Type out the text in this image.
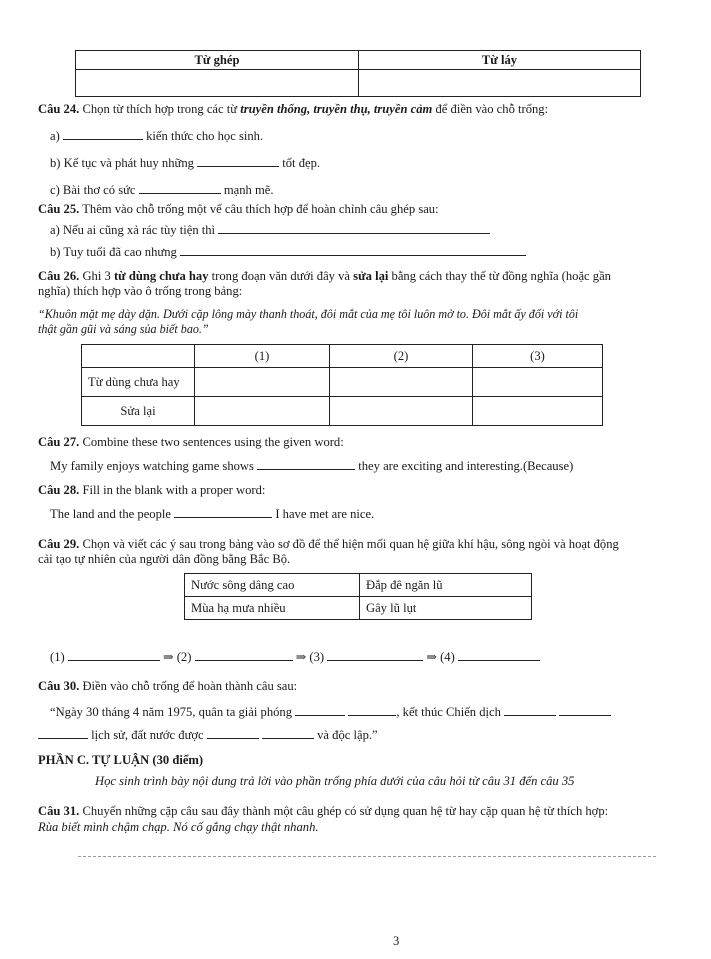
Từ ghép	Từ láy

Câu 24. Chọn từ thích hợp trong các từ truyền thống, truyền thụ, truyền cảm để điền vào chỗ trống:
a)	kiến thức cho học sinh.
b) Kế tục và phát huy những	tốt đẹp.
c) Bài thơ có sức	mạnh mẽ.
Câu 25. Thêm vào chỗ trống một vế câu thích hợp để hoàn chỉnh câu ghép sau:
a) Nếu ai cũng xả rác tùy tiện thì
b) Tuy tuổi đã cao nhưng
Câu 26. Ghi 3 từ dùng chưa hay trong đoạn văn dưới đây và sửa lại bằng cách thay thế từ đồng nghĩa (hoặc gần
nghĩa) thích hợp vào ô trống trong bảng:
“Khuôn mặt mẹ dày dặn. Dưới cặp lông mày thanh thoát, đôi mắt của mẹ tôi luôn mở to. Đôi mắt ấy đối với tôi
thật gần gũi và sáng sủa biết bao.”
	(1)	(2)	(3)
Từ dùng chưa hay			
Sửa lại			
Câu 27. Combine these two sentences using the given word:
My family enjoys watching game shows	they are exciting and interesting.(Because)
Câu 28. Fill in the blank with a proper word:
The land and the people	I have met are nice.
Câu 29. Chọn và viết các ý sau trong bảng vào sơ đồ để thể hiện mối quan hệ giữa khí hậu, sông ngòi và hoạt động
cải tạo tự nhiên của người dân đồng bằng Bắc Bộ.
Nước sông dâng cao	Đắp đê ngăn lũ
Mùa hạ mưa nhiều	Gây lũ lụt
(1)	⇒ (2)	⇒ (3)	⇒ (4)
Câu 30. Điền vào chỗ trống để hoàn thành câu sau:
“Ngày 30 tháng 4 năm 1975, quân ta giải phóng	, kết thúc Chiến dịch
lịch sử, đất nước được	và độc lập.”
PHẦN C. TỰ LUẬN (30 điểm)
Học sinh trình bày nội dung trả lời vào phần trống phía dưới của câu hỏi từ câu 31 đến câu 35
Câu 31. Chuyển những cặp câu sau đây thành một câu ghép có sử dụng quan hệ từ hay cặp quan hệ từ thích hợp:
Rùa biết mình chậm chạp. Nó cố gắng chạy thật nhanh.
3
